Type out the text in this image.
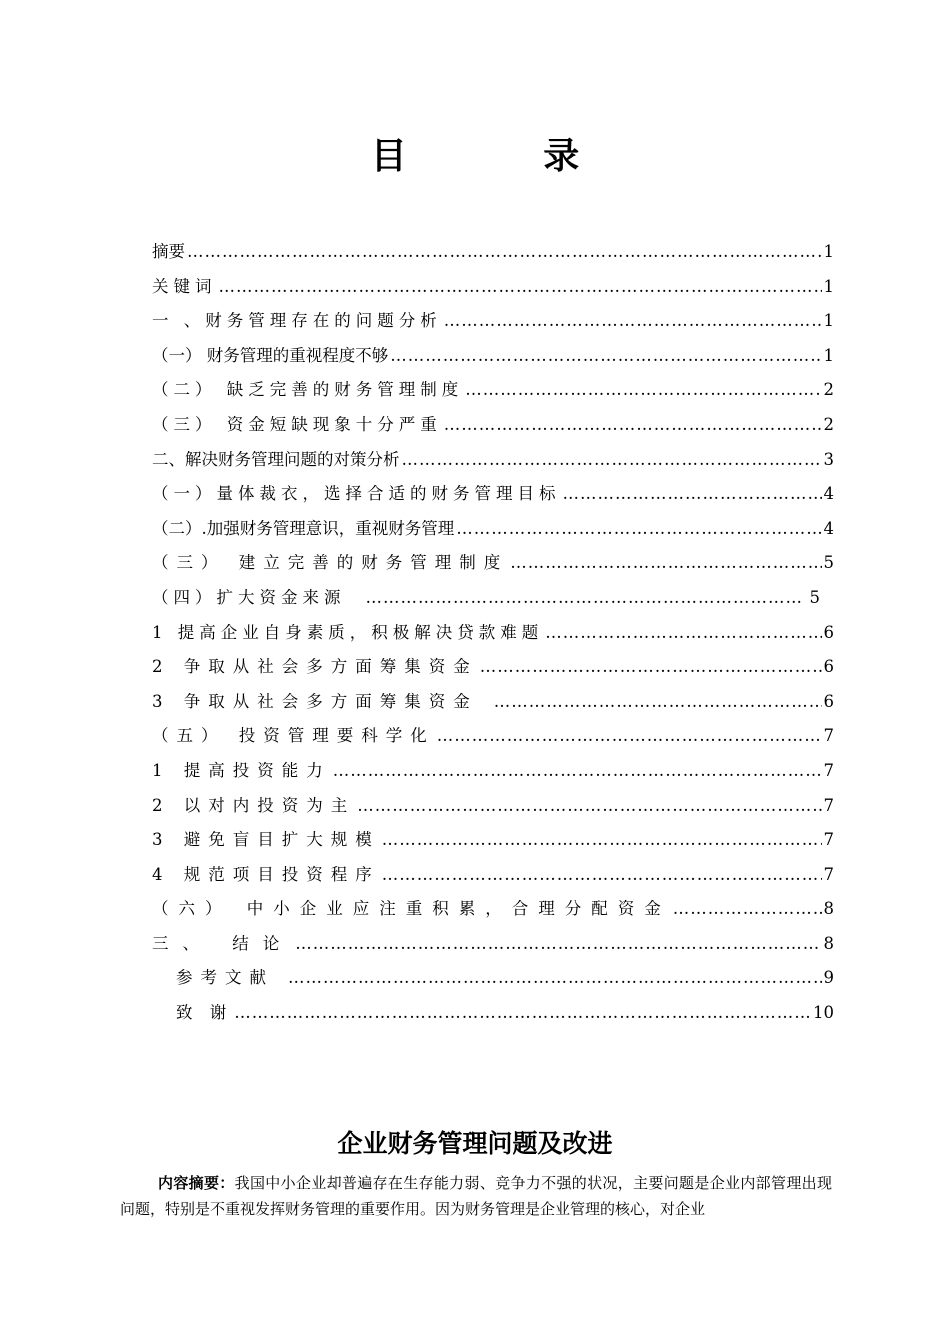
目 录
摘要 ……………………………………………………………………………………………………………………………………………………………………………	1
关键词 ……………………………………………………………………………………………………………………………………………………………………………	1
一 、财务管理存在的问题分析 ……………………………………………………………………………………………………………………………………………………………………………	1
（一） 财务管理的重视程度不够 ……………………………………………………………………………………………………………………………………………………………………………	1
（二） 缺乏完善的财务管理制度 ……………………………………………………………………………………………………………………………………………………………………………	2
（三） 资金短缺现象十分严重 ……………………………………………………………………………………………………………………………………………………………………………	2
二、解决财务管理问题的对策分析 ……………………………………………………………………………………………………………………………………………………………………………	3
（一）量体裁衣，选择合适的财务管理目标 ……………………………………………………………………………………………………………………………………………………………………………	4
（二）.加强财务管理意识，重视财务管理 ……………………………………………………………………………………………………………………………………………………………………………	4
（三） 建立完善的财务管理制度 ……………………………………………………………………………………………………………………………………………………………………………	5
（四）扩大资金来源 ……………………………………………………………………………………………………………………………………………………………………………	5
1 提高企业自身素质，积极解决贷款难题 ……………………………………………………………………………………………………………………………………………………………………………	6
2 争取从社会多方面筹集资金 ……………………………………………………………………………………………………………………………………………………………………………	6
3 争取从社会多方面筹集资金 ……………………………………………………………………………………………………………………………………………………………………………	6
（五） 投资管理要科学化 ……………………………………………………………………………………………………………………………………………………………………………	7
1 提高投资能力 ……………………………………………………………………………………………………………………………………………………………………………	7
2 以对内投资为主 ……………………………………………………………………………………………………………………………………………………………………………	7
3 避免盲目扩大规模 ……………………………………………………………………………………………………………………………………………………………………………	7
4 规范项目投资程序 ……………………………………………………………………………………………………………………………………………………………………………	7
（六） 中小企业应注重积累，合理分配资金 ……………………………………………………………………………………………………………………………………………………………………………	8
三、 结论 ……………………………………………………………………………………………………………………………………………………………………………	8
参考文献 ……………………………………………………………………………………………………………………………………………………………………………	9
致 谢 ……………………………………………………………………………………………………………………………………………………………………………	10
企业财务管理问题及改进
内容摘要：我国中小企业却普遍存在生存能力弱、竞争力不强的状况，主要问题是企业内部管理出现问题，特别是不重视发挥财务管理的重要作用。因为财务管理是企业管理的核心，对企业
